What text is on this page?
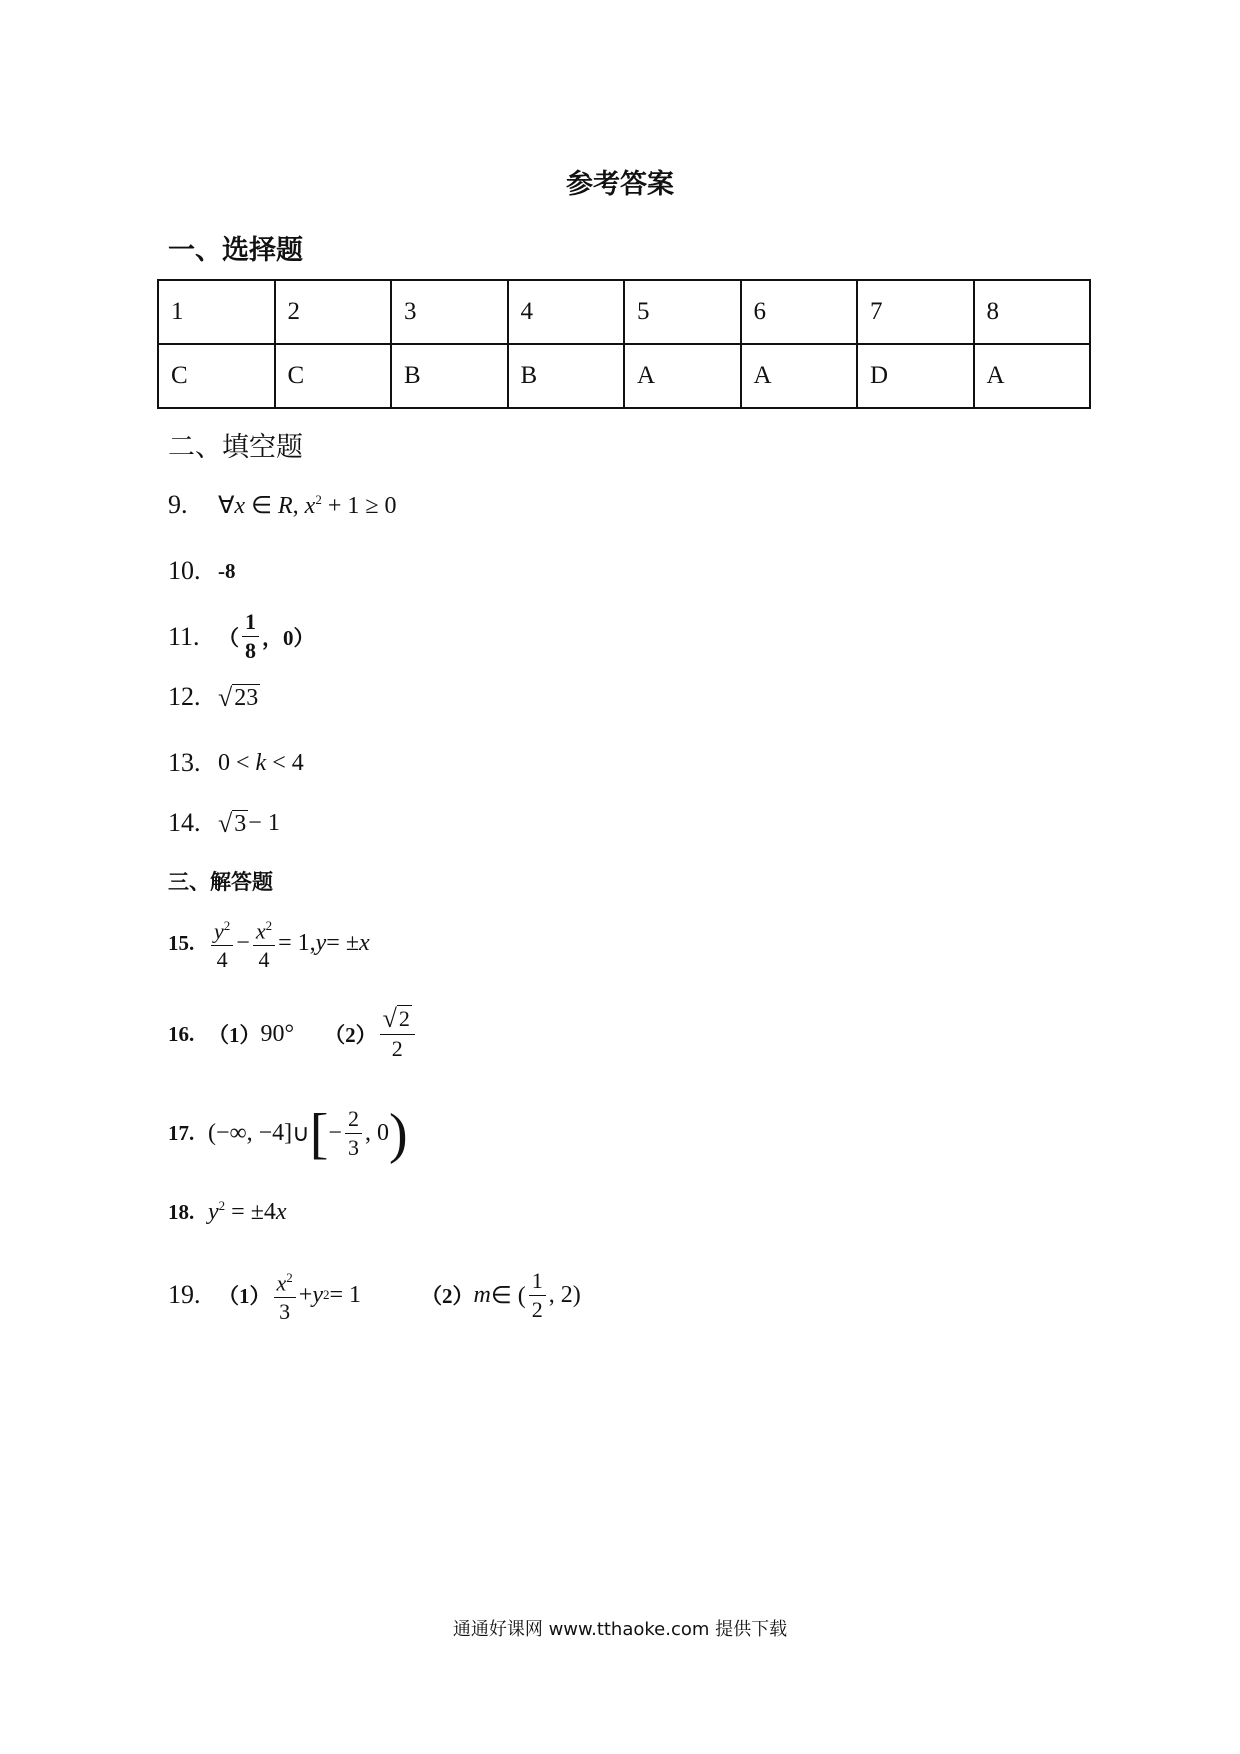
参考答案
一、选择题
1	2	3	4	5	6	7	8
C	C	B	B	A	A	D	A
二、填空题
9.	∀x ∈ R, $x^2 + 1 \ge 0$
10. -8
11. （ $\frac{1}{8}$ ，0）
12. √ 23
13. 0 < k < 4
14. √ 3 − 1
三、解答题
15. $\frac{y^2}{4} - \frac{x^2}{4} = 1$, y = ± x
16. （1） 90° $(2) \frac{√ 2}{2}$
17. (−∞, −4] ∪ [ − $\frac{2}{3}$ , 0 )
18. $y^2 = \pm 4x$
19. $(1) \frac{x^2}{3} + y$ 2 = 1	（2） m ∈ ( $\frac{1}{2}$ , 2)
通通好课网 www.tthaoke.com 提供下载
